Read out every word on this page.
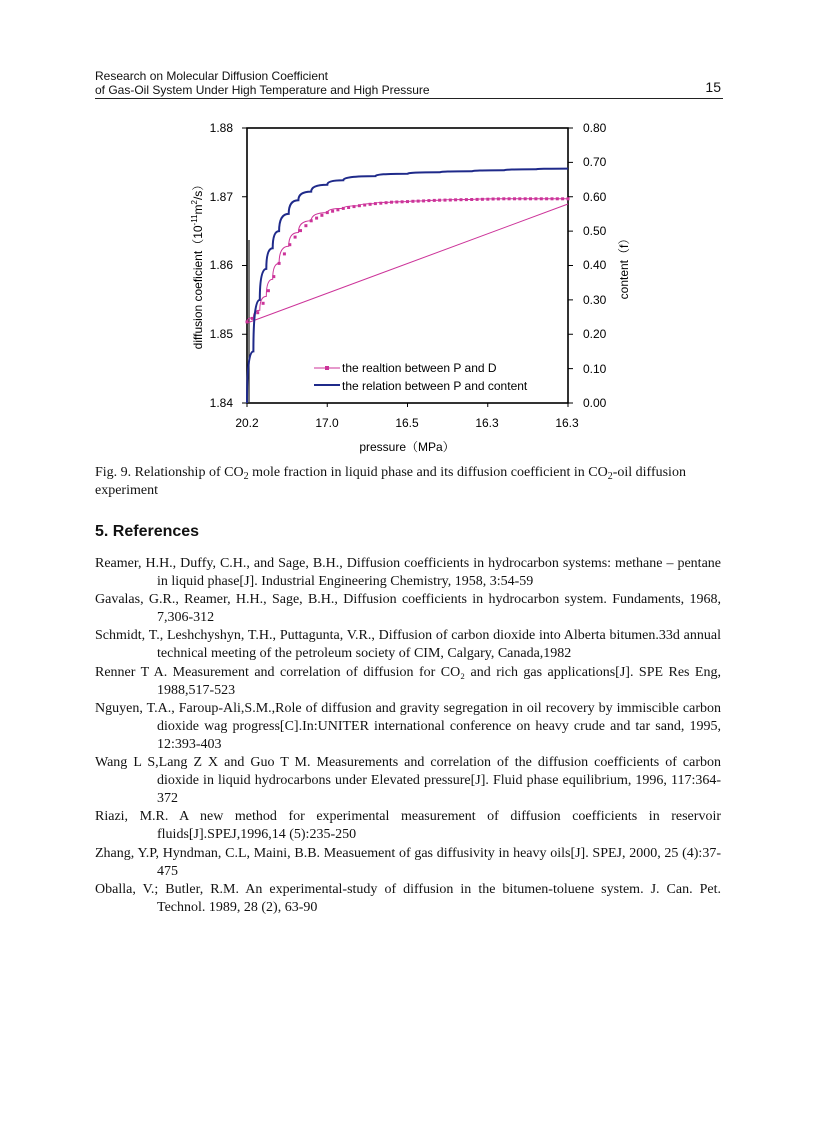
Research on Molecular Diffusion Coefficient
of Gas-Oil System Under High Temperature and High Pressure	15
1.88
1.87
1.86
1.85
1.84
0.80
0.70
0.60
0.50
0.40
0.30
0.20
0.10
0.00
20.2	17.0	16.5	16.3	16.3
pressure（MPa）
diffusion $coeficient(10^{-11}m^2/s)$
content（f）
the realtion between P and D
the relation between P and content
Fig. 9. Relationship of $CO_2$ mole fraction in liquid phase and its diffusion coefficient in $CO_2$-oil diffusion experiment
5. References
Reamer, H.H., Duffy, C.H., and Sage, B.H., Diffusion coefficients in hydrocarbon systems: methane – pentane in liquid phase[J]. Industrial Engineering Chemistry, 1958, 3:54-59
Gavalas, G.R., Reamer, H.H., Sage, B.H., Diffusion coefficients in hydrocarbon system. Fundaments, 1968, 7,306-312
Schmidt, T., Leshchyshyn, T.H., Puttagunta, V.R., Diffusion of carbon dioxide into Alberta bitumen.33d annual technical meeting of the petroleum society of CIM, Calgary, Canada,1982
Renner T A. Measurement and correlation of diffusion for CO₂ and rich gas applications[J]. SPE Res Eng, 1988,517-523
Nguyen, T.A., Faroup-Ali,S.M.,Role of diffusion and gravity segregation in oil recovery by immiscible carbon dioxide wag progress[C].In:UNITER international conference on heavy crude and tar sand, 1995, 12:393-403
Wang L S,Lang Z X and Guo T M. Measurements and correlation of the diffusion coefficients of carbon dioxide in liquid hydrocarbons under Elevated pressure[J]. Fluid phase equilibrium, 1996, 117:364-372
Riazi, M.R. A new method for experimental measurement of diffusion coefficients in reservoir fluids[J].SPEJ,1996,14 (5):235-250
Zhang, Y.P, Hyndman, C.L, Maini, B.B. Measuement of gas diffusivity in heavy oils[J]. SPEJ, 2000, 25 (4):37-475
Oballa, V.; Butler, R.M. An experimental-study of diffusion in the bitumen-toluene system. J. Can. Pet. Technol. 1989, 28 (2), 63-90
